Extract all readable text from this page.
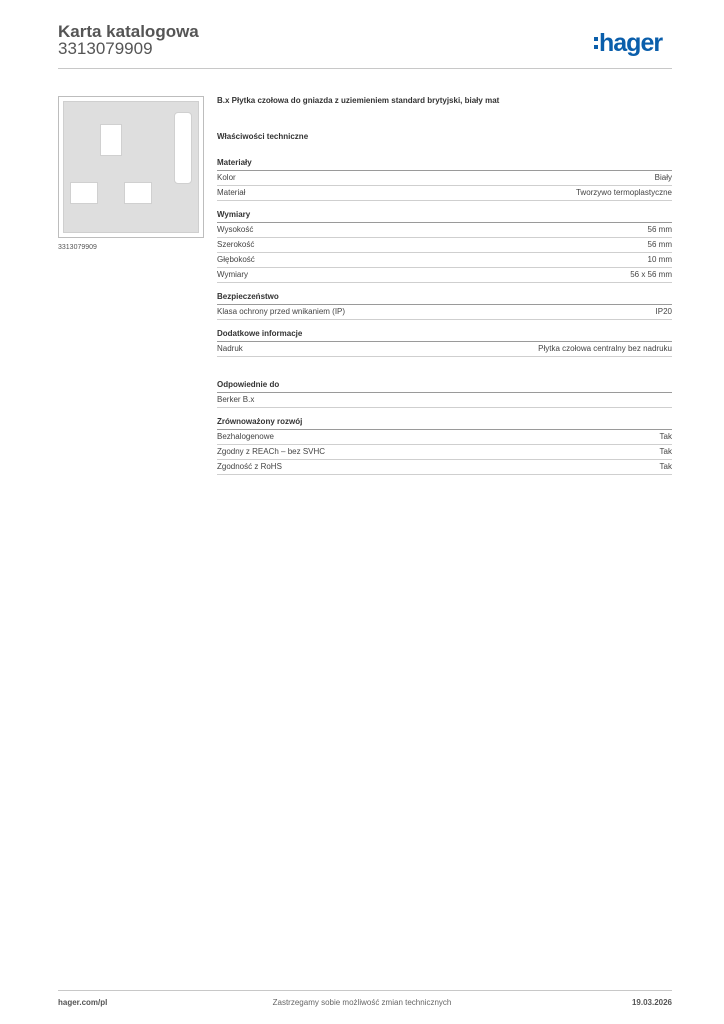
Karta katalogowa
3313079909	hager
3313079909
B.x Płytka czołowa do gniazda z uziemieniem standard brytyjski, biały mat
Właściwości techniczne
Materiały
Kolor	Biały
Materiał	Tworzywo termoplastyczne
Wymiary
Wysokość	56 mm
Szerokość	56 mm
Głębokość	10 mm
Wymiary	56 x 56 mm
Bezpieczeństwo
Klasa ochrony przed wnikaniem (IP)	IP20
Dodatkowe informacje
Nadruk	Płytka czołowa centralny bez nadruku
Odpowiednie do
Berker B.x
Zrównoważony rozwój
Bezhalogenowe	Tak
Zgodny z REACh – bez SVHC	Tak
Zgodność z RoHS	Tak
hager.com/pl	Zastrzegamy sobie możliwość zmian technicznych	19.03.2026
